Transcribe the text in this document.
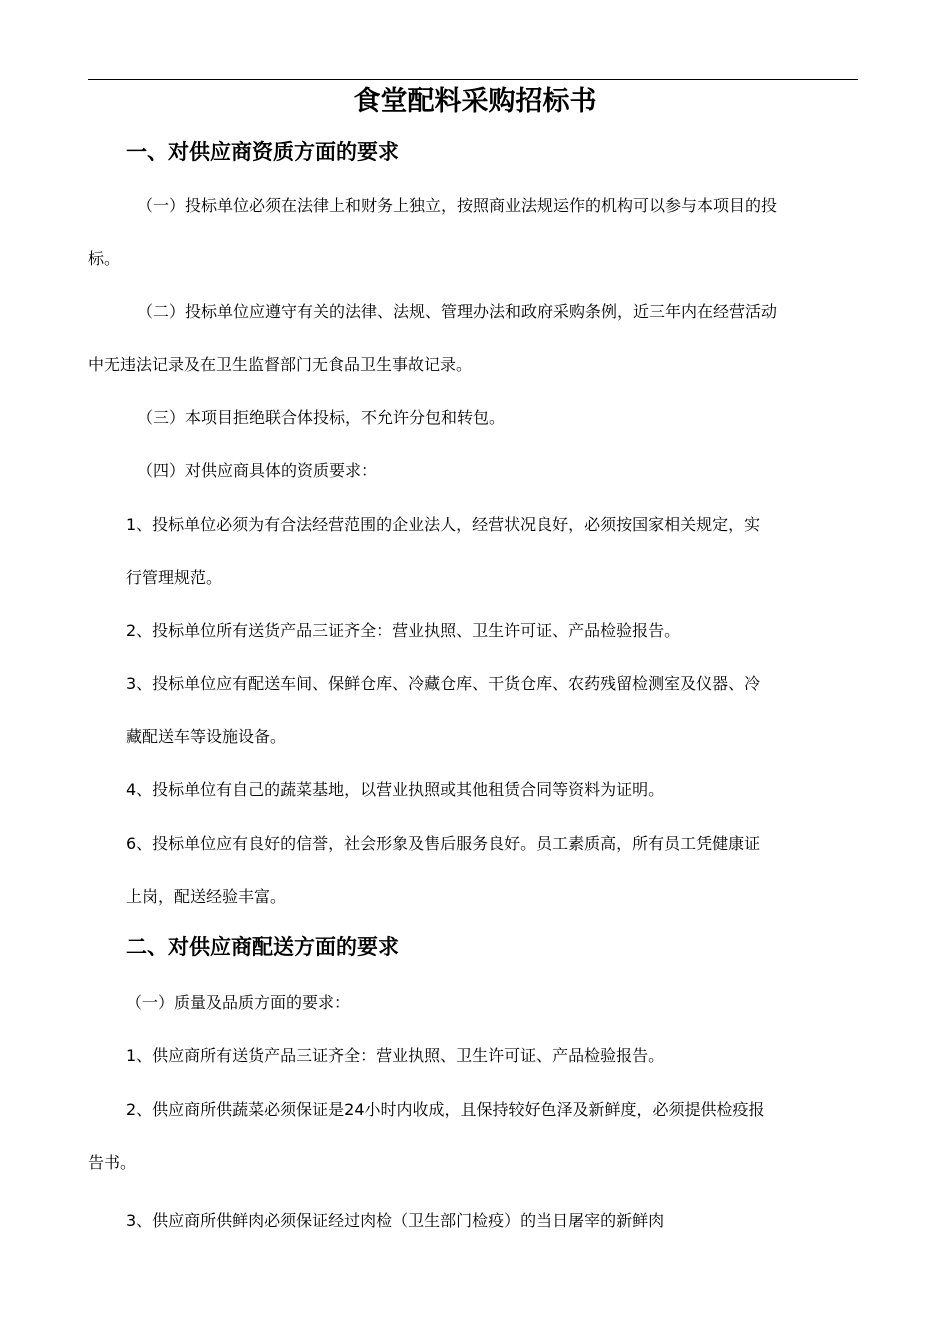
食堂配料采购招标书
一、对供应商资质方面的要求
（一）投标单位必须在法律上和财务上独立，按照商业法规运作的机构可以参与本项目的投
标。
（二）投标单位应遵守有关的法律、法规、管理办法和政府采购条例，近三年内在经营活动
中无违法记录及在卫生监督部门无食品卫生事故记录。
（三）本项目拒绝联合体投标，不允许分包和转包。
（四）对供应商具体的资质要求：
1、投标单位必须为有合法经营范围的企业法人，经营状况良好，必须按国家相关规定，实
行管理规范。
2、投标单位所有送货产品三证齐全：营业执照、卫生许可证、产品检验报告。
3、投标单位应有配送车间、保鲜仓库、冷藏仓库、干货仓库、农药残留检测室及仪器、冷
藏配送车等设施设备。
4、投标单位有自己的蔬菜基地，以营业执照或其他租赁合同等资料为证明。
6、投标单位应有良好的信誉，社会形象及售后服务良好。员工素质高，所有员工凭健康证
上岗，配送经验丰富。
二、对供应商配送方面的要求
（一）质量及品质方面的要求：
1、供应商所有送货产品三证齐全：营业执照、卫生许可证、产品检验报告。
2、供应商所供蔬菜必须保证是24小时内收成，且保持较好色泽及新鲜度，必须提供检疫报
告书。
3、供应商所供鲜肉必须保证经过肉检（卫生部门检疫）的当日屠宰的新鲜肉
